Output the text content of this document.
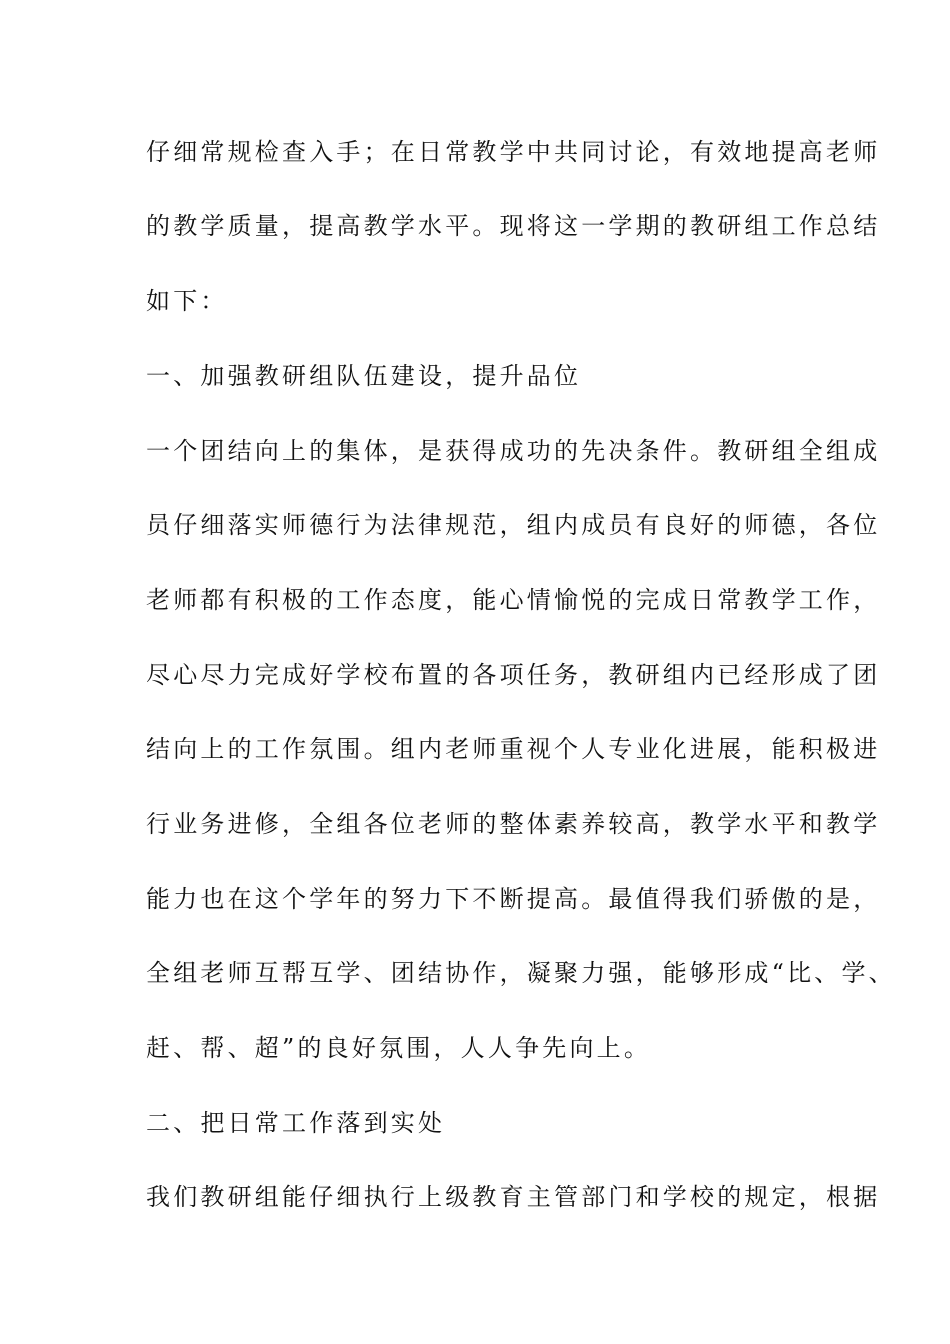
仔细常规检查入手；在日常教学中共同讨论，有效地提高老师

的教学质量，提高教学水平。现将这一学期的教研组工作总结

如下：

一、加强教研组队伍建设，提升品位

一个团结向上的集体，是获得成功的先决条件。教研组全组成

员仔细落实师德行为法律规范，组内成员有良好的师德，各位

老师都有积极的工作态度，能心情愉悦的完成日常教学工作，

尽心尽力完成好学校布置的各项任务，教研组内已经形成了团

结向上的工作氛围。组内老师重视个人专业化进展，能积极进

行业务进修，全组各位老师的整体素养较高，教学水平和教学

能力也在这个学年的努力下不断提高。最值得我们骄傲的是，

全组老师互帮互学、团结协作，凝聚力强，能够形成“比、学、

赶、帮、超”的良好氛围，人人争先向上。

二、把日常工作落到实处

我们教研组能仔细执行上级教育主管部门和学校的规定，根据
